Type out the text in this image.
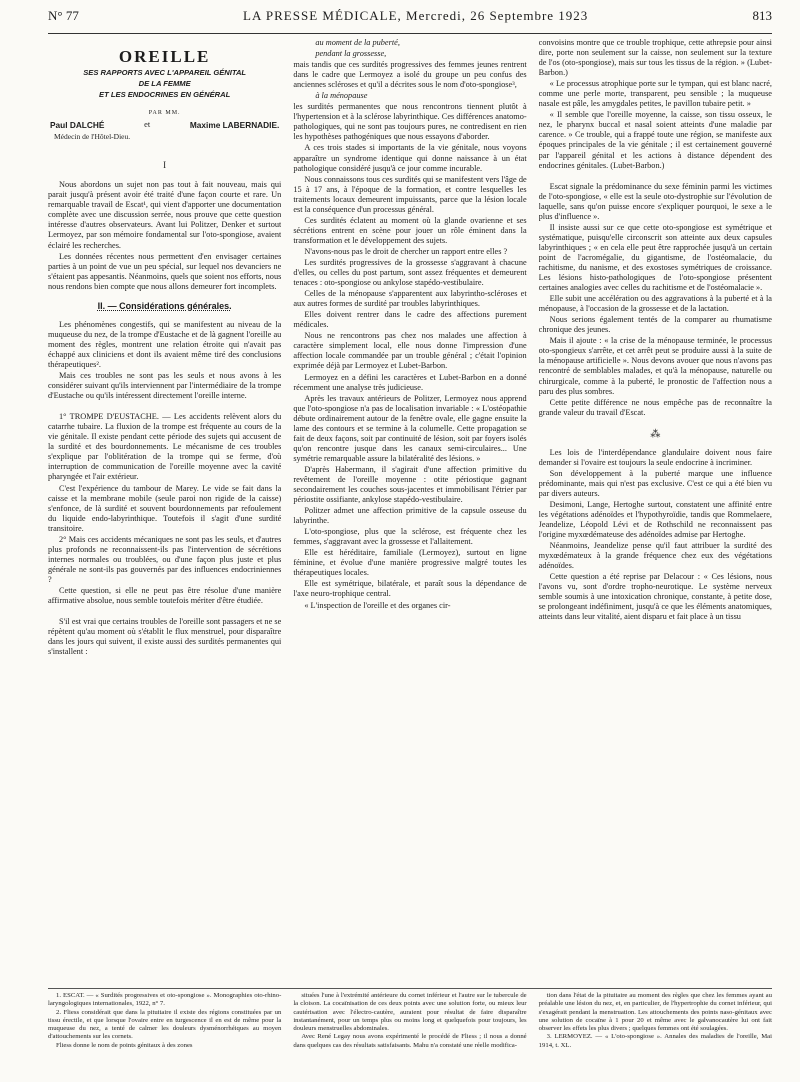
N° 77	LA PRESSE MÉDICALE, Mercredi, 26 Septembre 1923	813
OREILLE
SES RAPPORTS AVEC L'APPAREIL GÉNITAL
DE LA FEMME
ET LES ENDOCRINES EN GÉNÉRAL
PAR MM.
Paul DALCHÉ	et	Maxime LABERNADIE.
Médecin de l'Hôtel-Dieu.
I

Nous abordons un sujet non pas tout à fait nouveau, mais qui parait jusqu'à présent avoir été traité d'une façon courte et rare. Un remarquable travail de Escat¹, qui vient d'apporter une documentation complète avec une discussion serrée, nous prouve que cette question intéresse d'autres observateurs. Avant lui Politzer, Denker et surtout Lermoyez, par son mémoire fondamental sur l'oto-spongiose, avaient éclairé les recherches.

Les données récentes nous permettent d'en envisager certaines parties à un point de vue un peu spécial, sur lequel nos devanciers ne s'étaient pas appesantis. Néanmoins, quels que soient nos efforts, nous nous rendons bien compte que nous allons demeurer fort incomplets.

II. — Considérations générales.

Les phénomènes congestifs, qui se manifestent au niveau de la muqueuse du nez, de la trompe d'Eustache et de là gagnent l'oreille au moment des règles, montrent une relation étroite qui n'avait pas échappé aux cliniciens et dont ils avaient même tiré des conclusions thérapeutiques².

Mais ces troubles ne sont pas les seuls et nous avons à les considérer suivant qu'ils interviennent par l'intermédiaire de la trompe d'Eustache ou qu'ils intéressent directement l'oreille interne.

1° TROMPE D'EUSTACHE. — Les accidents relèvent alors du catarrhe tubaire. La fluxion de la trompe est fréquente au cours de la vie génitale. Il existe pendant cette période des sujets qui accusent de la surdité et des bourdonnements. Le mécanisme de ces troubles s'explique par l'oblitération de la trompe qui se ferme, d'où interruption de communication de l'oreille moyenne avec la cavité pharyngée et l'air extérieur.

C'est l'expérience du tambour de Marey. Le vide se fait dans la caisse et la membrane mobile (seule paroi non rigide de la caisse) s'enfonce, de là surdité et souvent bourdonnements par refoulement du liquide endo-labyrinthique. Toutefois il s'agit d'une surdité transitoire.

2° Mais ces accidents mécaniques ne sont pas les seuls, et d'autres plus profonds ne reconnaissent-ils pas l'intervention de sécrétions internes normales ou troublées, ou d'une façon plus juste et plus générale ne sont-ils pas gouvernés par des influences endocriniennes ?

Cette question, si elle ne peut pas être résolue d'une manière affirmative absolue, nous semble toutefois mériter d'être étudiée.

S'il est vrai que certains troubles de l'oreille sont passagers et ne se répètent qu'au moment où s'établit le flux menstruel, pour disparaître dans les jours qui suivent, il existe aussi des surdités permanentes qui s'installent :

au moment de la puberté,

pendant la grossesse,

mais tandis que ces surdités progressives des femmes jeunes rentrent dans le cadre que Lermoyez a isolé du groupe un peu confus des anciennes scléroses et qu'il a décrites sous le nom d'oto-spongiose³,

à la ménopause

les surdités permanentes que nous rencontrons tiennent plutôt à l'hypertension et à la sclérose labyrinthique. Ces différences anatomo-pathologiques, qui ne sont pas toujours pures, ne contredisent en rien les hypothèses pathogéniques que nous essayons d'aborder.

A ces trois stades si importants de la vie génitale, nous voyons apparaître un syndrome identique qui donne naissance à un état pathologique considéré jusqu'à ce jour comme incurable.

Nous connaissons tous ces surdités qui se manifestent vers l'âge de 15 à 17 ans, à l'époque de la formation, et contre lesquelles les traitements locaux demeurent impuissants, parce que la lésion locale est la conséquence d'un processus général.

Ces surdités éclatent au moment où la glande ovarienne et ses sécrétions entrent en scène pour jouer un rôle éminent dans la transformation et le développement des sujets.

N'avons-nous pas le droit de chercher un rapport entre elles ?

Les surdités progressives de la grossesse s'aggravant à chacune d'elles, ou celles du post partum, sont assez fréquentes et demeurent tenaces : oto-spongiose ou ankylose stapédo-vestibulaire.

Celles de la ménopause s'apparentent aux labyrintho-scléroses et aux autres formes de surdité par troubles labyrinthiques.

Elles doivent rentrer dans le cadre des affections purement médicales.

Nous ne rencontrons pas chez nos malades une affection à caractère simplement local, elle nous donne l'impression d'une affection locale commandée par un trouble général ; c'était l'opinion exprimée déjà par Lermoyez et Lubet-Barbon.

Lermoyez en a défini les caractères et Lubet-Barbon en a donné récemment une analyse très judicieuse.

Après les travaux antérieurs de Politzer, Lermoyez nous apprend que l'oto-spongiose n'a pas de localisation invariable : « L'ostéopathie débute ordinairement autour de la fenêtre ovale, elle gagne ensuite la lame des contours et se termine à la columelle. Cette propagation se fait de deux façons, soit par continuité de lésion, soit par foyers isolés qu'on rencontre jusque dans les canaux semi-circulaires... Une symétrie remarquable assure la bilatéralité des lésions. »

D'après Habermann, il s'agirait d'une affection primitive du revêtement de l'oreille moyenne : otite périostique gagnant secondairement les couches sous-jacentes et immobilisant l'étrier par périostite ossifiante, ankylose stapédo-vestibulaire.

Politzer admet une affection primitive de la capsule osseuse du labyrinthe.

L'oto-spongiose, plus que la sclérose, est fréquente chez les femmes, s'aggravant avec la grossesse et l'allaitement.

Elle est héréditaire, familiale (Lermoyez), surtout en ligne féminine, et évolue d'une manière progressive malgré toutes les thérapeutiques locales.

Elle est symétrique, bilatérale, et paraît sous la dépendance de l'axe neuro-trophique central.

« L'inspection de l'oreille et des organes cir-

convoisins montre que ce trouble trophique, cette athrepsie pour ainsi dire, porte non seulement sur la caisse, non seulement sur la texture de l'os (oto-spongiose), mais sur tous les tissus de la région. » (Lubet-Barbon.)

« Le processus atrophique porte sur le tympan, qui est blanc nacré, comme une perle morte, transparent, peu sensible ; la muqueuse nasale est pâle, les amygdales petites, le pavillon tubaire petit. »

« Il semble que l'oreille moyenne, la caisse, son tissu osseux, le nez, le pharynx buccal et nasal soient atteints d'une maladie par carence. » Ce trouble, qui a frappé toute une région, se manifeste aux époques principales de la vie génitale ; il est certainement gouverné par l'appareil génital et les actions à distance dépendent des endocrines génitales. (Lubet-Barbon.)

Escat signale la prédominance du sexe féminin parmi les victimes de l'oto-spongiose, « elle est la seule oto-dystrophie sur l'évolution de laquelle, sans qu'on puisse encore s'expliquer pourquoi, le sexe a le plus d'influence ».

Il insiste aussi sur ce que cette oto-spongiose est symétrique et systématique, puisqu'elle circonscrit son atteinte aux deux capsules labyrinthiques ; « en cela elle peut être rapprochée jusqu'à un certain point de l'acromégalie, du gigantisme, de l'ostéomalacie, du rachitisme, du nanisme, et des exostoses symétriques de croissance. Les lésions histo-pathologiques de l'oto-spongiose présentent certaines analogies avec celles du rachitisme et de l'ostéomalacie ».

Elle subit une accélération ou des aggravations à la puberté et à la ménopause, à l'occasion de la grossesse et de la lactation.

Nous serions également tentés de la comparer au rhumatisme chronique des jeunes.

Mais il ajoute : « la crise de la ménopause terminée, le processus oto-spongieux s'arrête, et cet arrêt peut se produire aussi à la suite de la ménopause artificielle ». Nous devons avouer que nous n'avons pas rencontré de semblables malades, et qu'à la ménopause, naturelle ou chirurgicale, comme à la puberté, le pronostic de l'affection nous a paru des plus sombres.

Cette petite différence ne nous empêche pas de reconnaître la grande valeur du travail d'Escat.

⁂

Les lois de l'interdépendance glandulaire doivent nous faire demander si l'ovaire est toujours la seule endocrine à incriminer.

Son développement à la puberté marque une influence prédominante, mais qui n'est pas exclusive. C'est ce qui a été bien vu par divers auteurs.

Desimoni, Lange, Hertoghe surtout, constatent une affinité entre les végétations adénoïdes et l'hypothyroïdie, tandis que Rommelaere, Jeandelize, Léopold Lévi et de Rothschild ne reconnaissent pas l'origine myxœdémateuse des adénoïdes admise par Hertoghe.

Néanmoins, Jeandelize pense qu'il faut attribuer la surdité des myxœdémateux à la grande fréquence chez eux des végétations adénoïdes.

Cette question a été reprise par Delacour : « Ces lésions, nous l'avons vu, sont d'ordre tropho-neurotique. Le système nerveux semble soumis à une intoxication chronique, constante, à petite dose, se prolongeant indéfiniment, jusqu'à ce que les éléments anatomiques, atteints dans leur vitalité, aient disparu et fait place à un tissu

1. ESCAT. — « Surdités progressives et oto-spongiose ». Monographies oto-rhino-laryngologiques internationales, 1922, n° 7.

2. Fliess considérait que dans la pituitaire il existe des régions constituées par un tissu érectile, et que lorsque l'ovaire entre en turgescence il en est de même pour la muqueuse du nez, a tenté de calmer les douleurs dysménorrhéiques au moyen d'attouchements sur les cornets.

Fliess donne le nom de points génitaux à des zones

situées l'une à l'extrémité antérieure du cornet inférieur et l'autre sur le tubercule de la cloison. La cocaïnisation de ces deux points avec une solution forte, ou mieux leur cautérisation avec l'électro-cautère, auraient pour résultat de faire disparaître instantanément, pour un temps plus ou moins long et quelquefois pour toujours, les douleurs menstruelles abdominales.

Avec René Legay nous avons expérimenté le procédé de Fliess ; il nous a donné dans quelques cas des résultats satisfaisants. Mahu n'a constaté une réelle modifica-

tion dans l'état de la pituitaire au moment des règles que chez les femmes ayant au préalable une lésion du nez, et, en particulier, de l'hypertrophie du cornet inférieur, qui s'exagérait pendant la menstruation. Les attouchements des points naso-génitaux avec une solution de cocaïne à 1 pour 20 et même avec le galvanocautère lui ont fait observer les effets les plus divers ; quelques femmes ont été soulagées.

3. LERMOYEZ. — « L'oto-spongiose ». Annales des maladies de l'oreille, Mai 1914, t. XL.
